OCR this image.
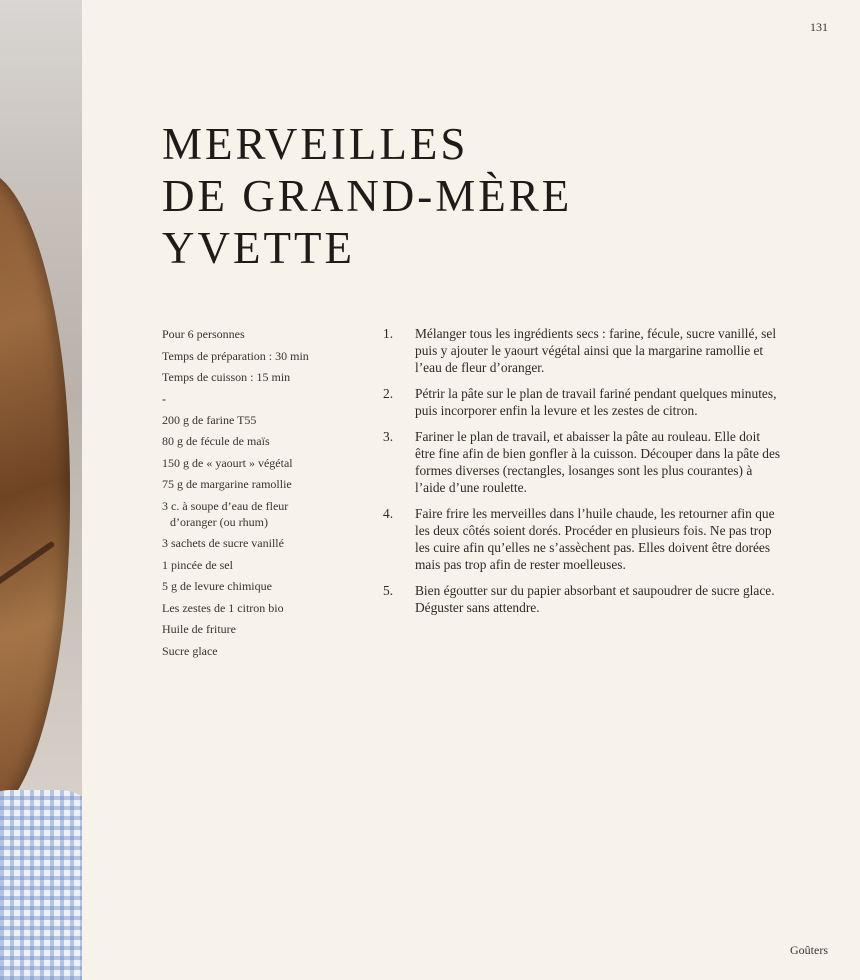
131
MERVEILLES
DE GRAND-MÈRE
YVETTE
Pour 6 personnes
Temps de préparation : 30 min
Temps de cuisson : 15 min
-
200 g de farine T55
80 g de fécule de maïs
150 g de « yaourt » végétal
75 g de margarine ramollie
3 c. à soupe d’eau de fleur
d’oranger (ou rhum)
3 sachets de sucre vanillé
1 pincée de sel
5 g de levure chimique
Les zestes de 1 citron bio
Huile de friture
Sucre glace
1.	Mélanger tous les ingrédients secs : farine, fécule, sucre vanillé, sel puis y ajouter le yaourt végétal ainsi que la margarine ramollie et l’eau de fleur d’oranger.
2.	Pétrir la pâte sur le plan de travail fariné pendant quelques minutes, puis incorporer enfin la levure et les zestes de citron.
3.	Fariner le plan de travail, et abaisser la pâte au rouleau. Elle doit être fine afin de bien gonfler à la cuisson. Découper dans la pâte des formes diverses (rectangles, losanges sont les plus courantes) à l’aide d’une roulette.
4.	Faire frire les merveilles dans l’huile chaude, les retourner afin que les deux côtés soient dorés. Procéder en plusieurs fois. Ne pas trop les cuire afin qu’elles ne s’assèchent pas. Elles doivent être dorées mais pas trop afin de rester moelleuses.
5.	Bien égoutter sur du papier absorbant et saupoudrer de sucre glace. Déguster sans attendre.
Goûters
